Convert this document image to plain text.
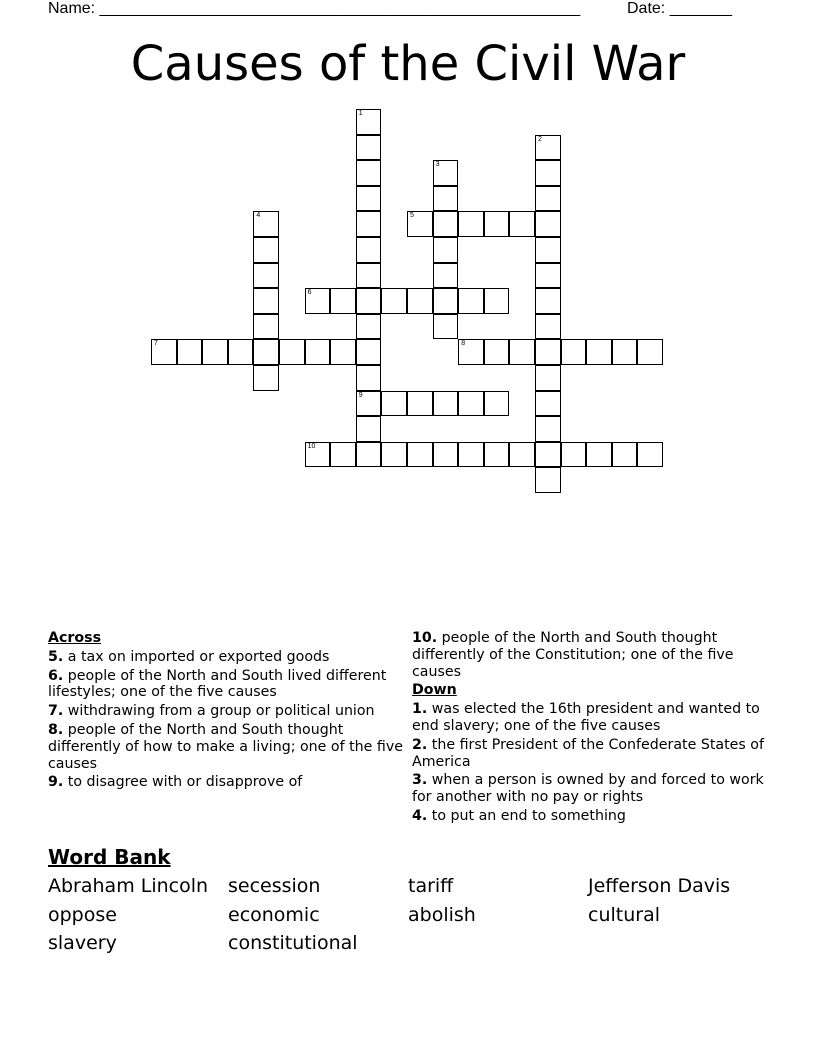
Name: ______________________________________________________	Date: _______
Causes of the Civil War
1
9
2
3
4	5
6
7	8
10
Across
5. a tax on imported or exported goods
6. people of the North and South lived different lifestyles; one of the five causes
7. withdrawing from a group or political union
8. people of the North and South thought differently of how to make a living; one of the five causes
9. to disagree with or disapprove of
10. people of the North and South thought differently of the Constitution; one of the five causes
Down
1. was elected the 16th president and wanted to end slavery; one of the five causes
2. the first President of the Confederate States of America
3. when a person is owned by and forced to work for another with no pay or rights
4. to put an end to something
Word Bank
Abraham Lincoln secession	tariff	Jefferson Davis
oppose	economic	abolish	cultural
slavery	constitutional
